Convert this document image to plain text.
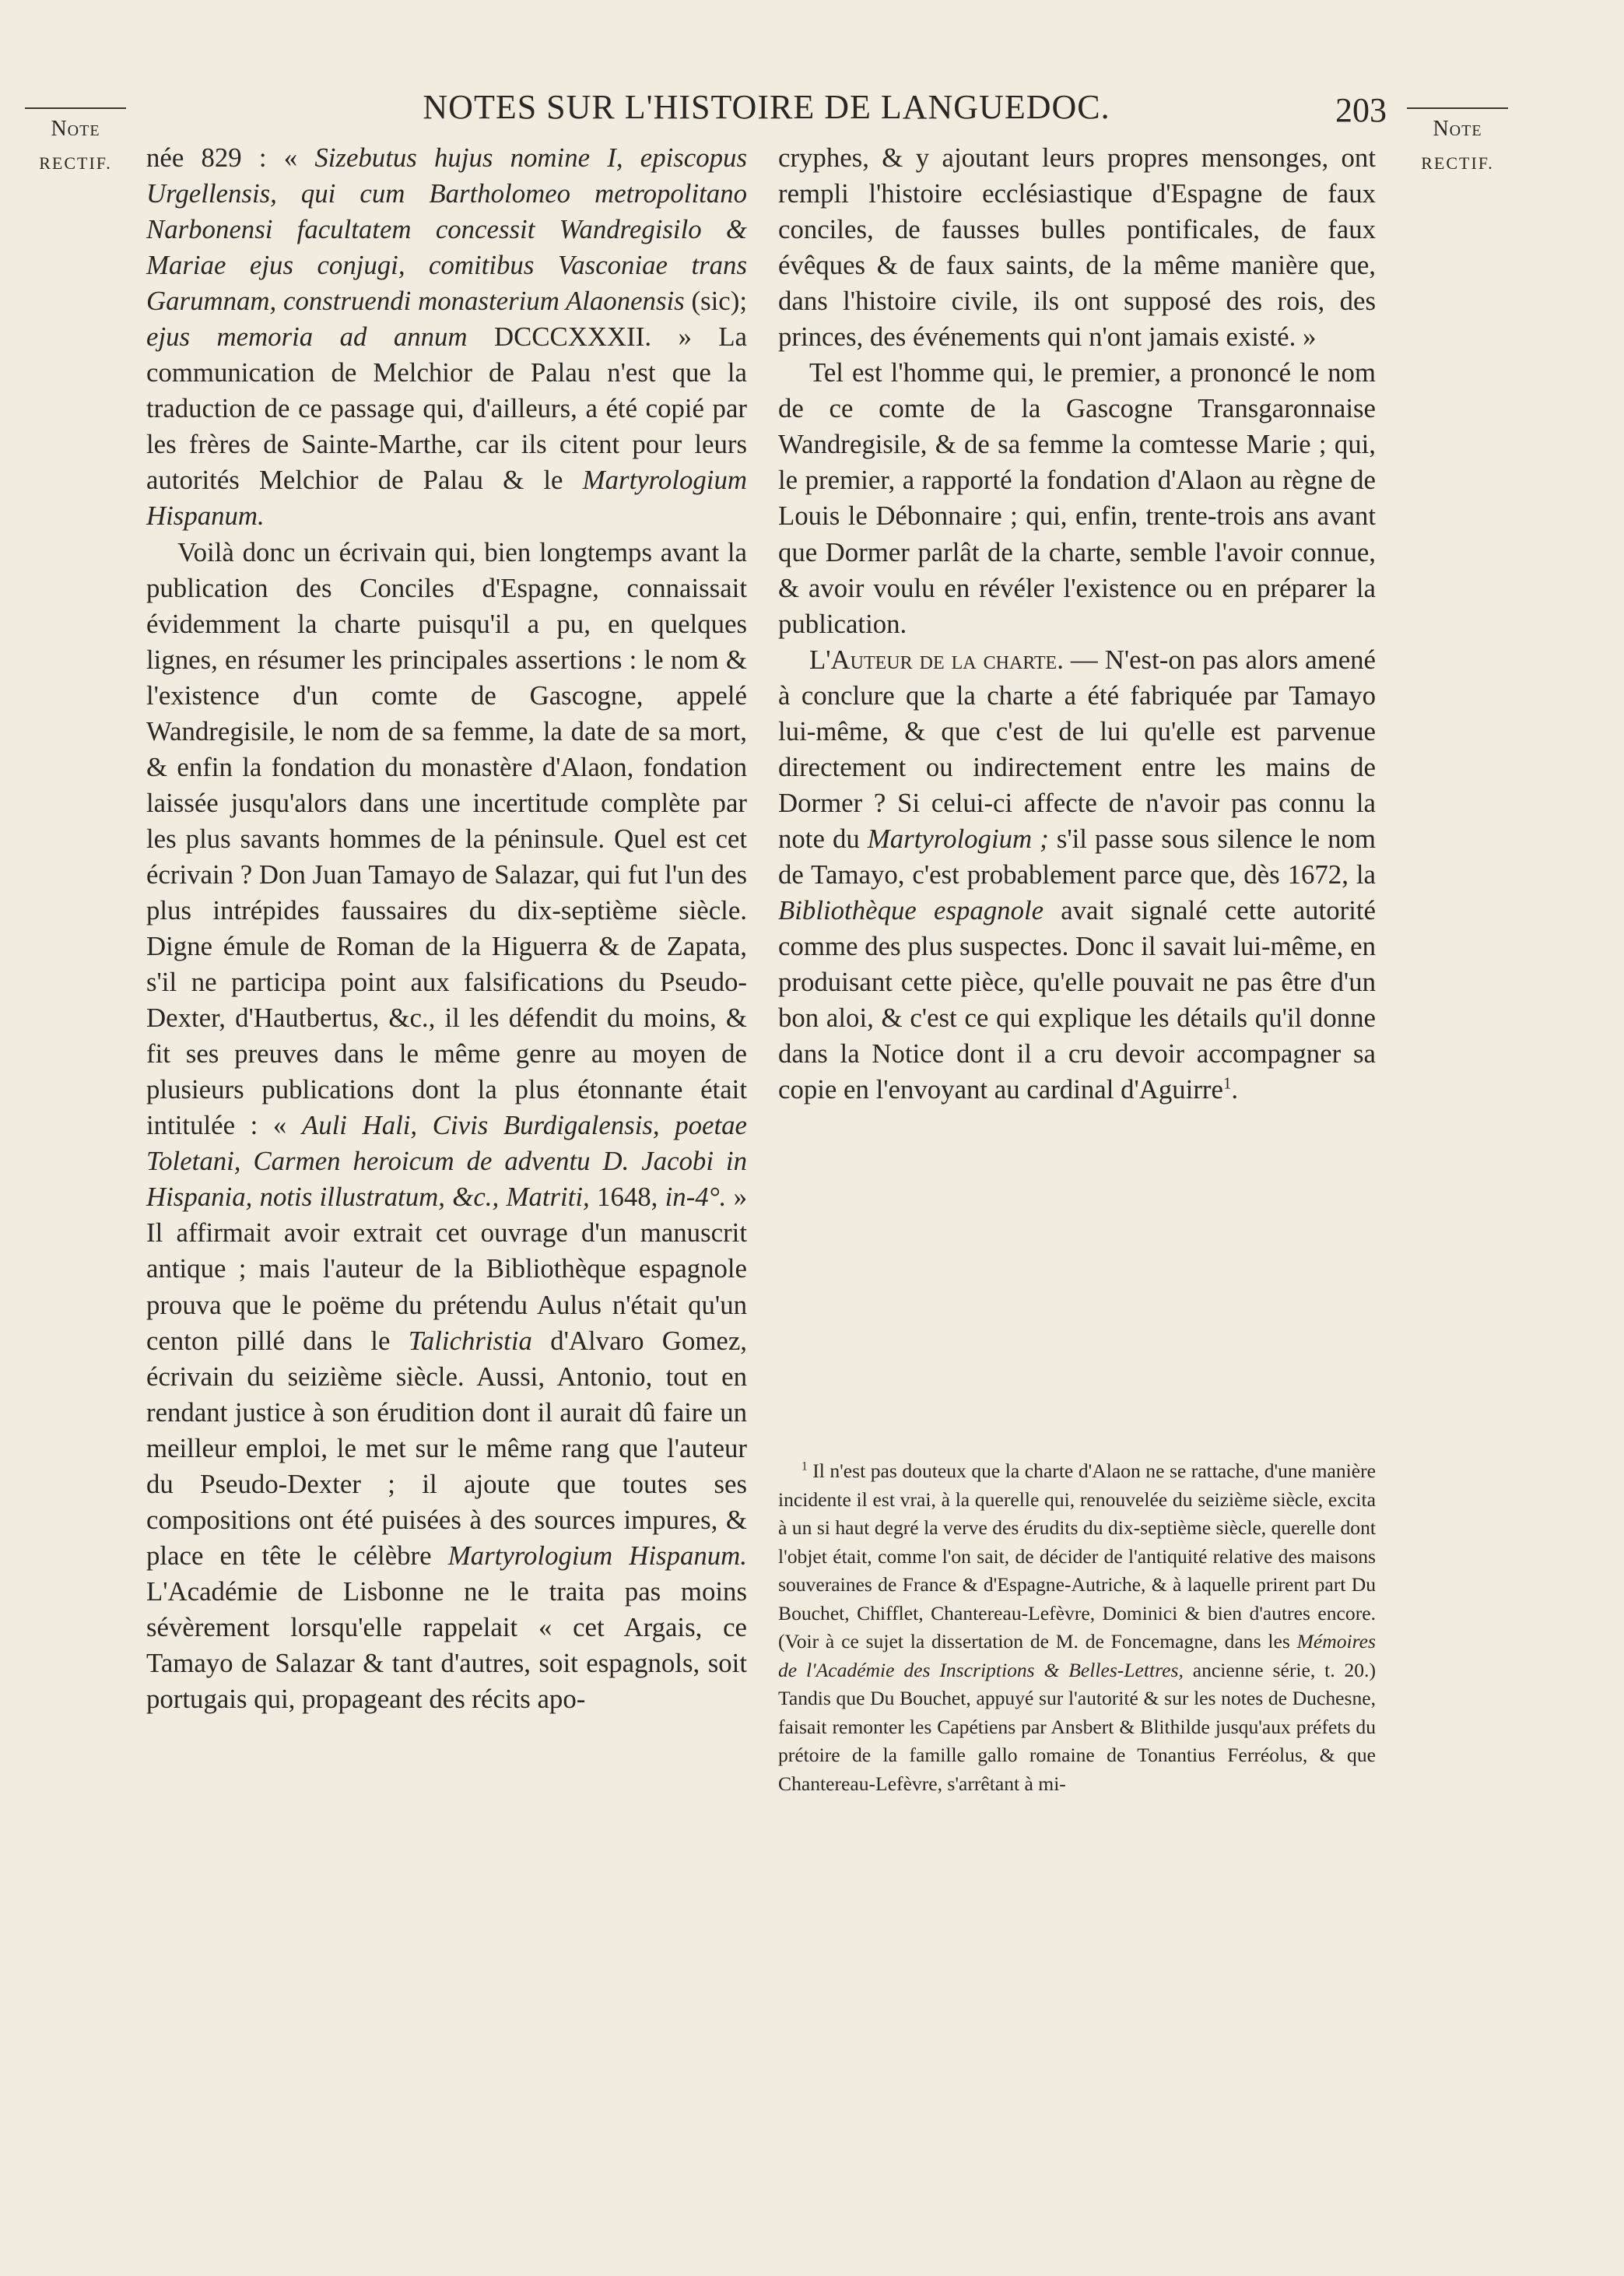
NOTES SUR L'HISTOIRE DE LANGUEDOC.	203
Note
RECTIF.
Note
RECTIF.

née 829 : « Sizebutus hujus nomine I, episcopus Urgellensis, qui cum Bartholomeo metropolitano Narbonensi facultatem concessit Wandregisilo & Mariae ejus conjugi, comitibus Vasconiae trans Garumnam, construendi monasterium Alaonensis (sic); ejus memoria ad annum DCCCXXXII. » La communication de Melchior de Palau n'est que la traduction de ce passage qui, d'ailleurs, a été copié par les frères de Sainte-Marthe, car ils citent pour leurs autorités Melchior de Palau & le Martyrologium Hispanum.

Voilà donc un écrivain qui, bien longtemps avant la publication des Conciles d'Espagne, connaissait évidemment la charte puisqu'il a pu, en quelques lignes, en résumer les principales assertions : le nom & l'existence d'un comte de Gascogne, appelé Wandregisile, le nom de sa femme, la date de sa mort, & enfin la fondation du monastère d'Alaon, fondation laissée jusqu'alors dans une incertitude complète par les plus savants hommes de la péninsule. Quel est cet écrivain ? Don Juan Tamayo de Salazar, qui fut l'un des plus intrépides faussaires du dix-septième siècle. Digne émule de Roman de la Higuerra & de Zapata, s'il ne participa point aux falsifications du Pseudo-Dexter, d'Hautbertus, &c., il les défendit du moins, & fit ses preuves dans le même genre au moyen de plusieurs publications dont la plus étonnante était intitulée : « Auli Hali, Civis Burdigalensis, poetae Toletani, Carmen heroicum de adventu D. Jacobi in Hispania, notis illustratum, &c., Matriti, 1648, in-4°. » Il affirmait avoir extrait cet ouvrage d'un manuscrit antique ; mais l'auteur de la Bibliothèque espagnole prouva que le poëme du prétendu Aulus n'était qu'un centon pillé dans le Talichristia d'Alvaro Gomez, écrivain du seizième siècle. Aussi, Antonio, tout en rendant justice à son érudition dont il aurait dû faire un meilleur emploi, le met sur le même rang que l'auteur du Pseudo-Dexter ; il ajoute que toutes ses compositions ont été puisées à des sources impures, & place en tête le célèbre Martyrologium Hispanum. L'Académie de Lisbonne ne le traita pas moins sévèrement lorsqu'elle rappelait « cet Argais, ce Tamayo de Salazar & tant d'autres, soit espagnols, soit portugais qui, propageant des récits apo-

cryphes, & y ajoutant leurs propres mensonges, ont rempli l'histoire ecclésiastique d'Espagne de faux conciles, de fausses bulles pontificales, de faux évêques & de faux saints, de la même manière que, dans l'histoire civile, ils ont supposé des rois, des princes, des événements qui n'ont jamais existé. »

Tel est l'homme qui, le premier, a prononcé le nom de ce comte de la Gascogne Transgaronnaise Wandregisile, & de sa femme la comtesse Marie ; qui, le premier, a rapporté la fondation d'Alaon au règne de Louis le Débonnaire ; qui, enfin, trente-trois ans avant que Dormer parlât de la charte, semble l'avoir connue, & avoir voulu en révéler l'existence ou en préparer la publication.

L'Auteur de la charte. — N'est-on pas alors amené à conclure que la charte a été fabriquée par Tamayo lui-même, & que c'est de lui qu'elle est parvenue directement ou indirectement entre les mains de Dormer ? Si celui-ci affecte de n'avoir pas connu la note du Martyrologium ; s'il passe sous silence le nom de Tamayo, c'est probablement parce que, dès 1672, la Bibliothèque espagnole avait signalé cette autorité comme des plus suspectes. Donc il savait lui-même, en produisant cette pièce, qu'elle pouvait ne pas être d'un bon aloi, & c'est ce qui explique les détails qu'il donne dans la Notice dont il a cru devoir accompagner sa copie en l'envoyant au cardinal d'Aguirre$^1$.

$^1$ Il n'est pas douteux que la charte d'Alaon ne se rattache, d'une manière incidente il est vrai, à la querelle qui, renouvelée du seizième siècle, excita à un si haut degré la verve des érudits du dix-septième siècle, querelle dont l'objet était, comme l'on sait, de décider de l'antiquité relative des maisons souveraines de France & d'Espagne-Autriche, & à laquelle prirent part Du Bouchet, Chifflet, Chantereau-Lefèvre, Dominici & bien d'autres encore. (Voir à ce sujet la dissertation de M. de Foncemagne, dans les Mémoires de l'Académie des Inscriptions & Belles-Lettres, ancienne série, t. 20.) Tandis que Du Bouchet, appuyé sur l'autorité & sur les notes de Duchesne, faisait remonter les Capétiens par Ansbert & Blithilde jusqu'aux préfets du prétoire de la famille gallo romaine de Tonantius Ferréolus, & que Chantereau-Lefèvre, s'arrêtant à mi-
